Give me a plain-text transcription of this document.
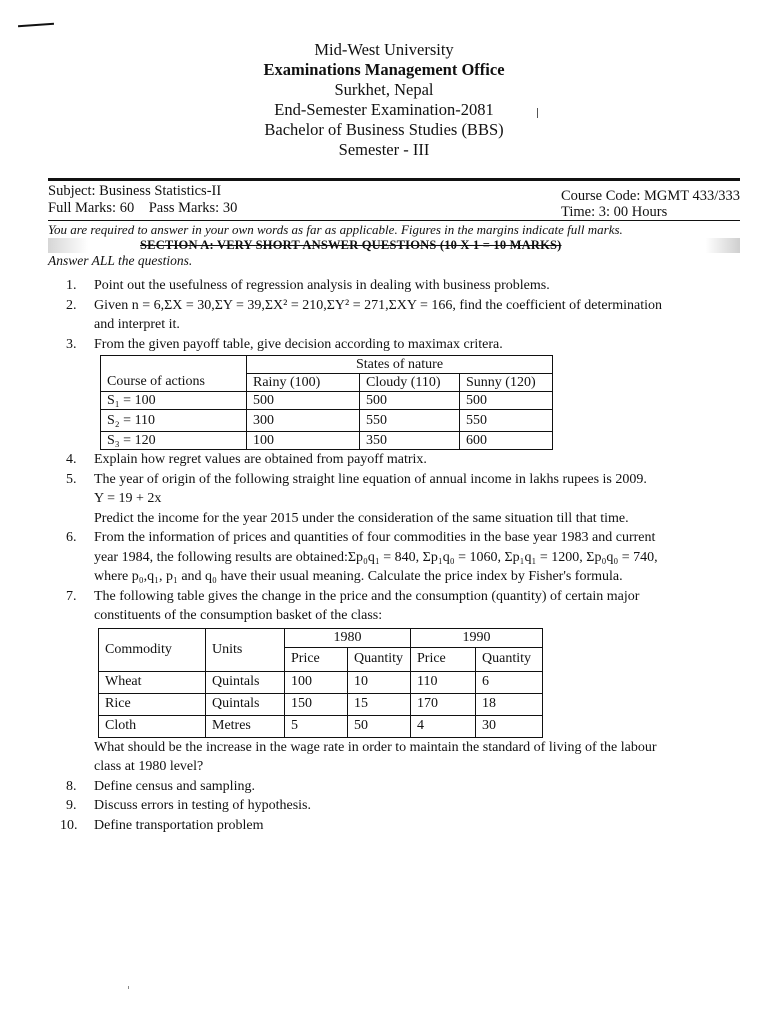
Mid-West University
Examinations Management Office
Surkhet, Nepal
End-Semester Examination-2081
Bachelor of Business Studies (BBS)
Semester - III
Subject: Business Statistics-II
Full Marks: 60 Pass Marks: 30
Course Code: MGMT 433/333
Time: 3: 00 Hours
You are required to answer in your own words as far as applicable. Figures in the margins indicate full marks.
SECTION A: VERY SHORT ANSWER QUESTIONS (10 X 1 = 10 MARKS)
Answer ALL the questions.
1.	Point out the usefulness of regression analysis in dealing with business problems.
2.	Given n = 6,ΣX = 30,ΣY = 39,ΣX² = 210,ΣY² = 271,ΣXY = 166, find the coefficient of determination
and interpret it.
3.	From the given payoff table, give decision according to maximax critera.
	States of nature		
Course of actions	Rainy (100)	Cloudy (110)	Sunny (120)
S₁ = 100	500	500	500
S₂ = 110	300	550	550
S₃ = 120	100	350	600
4.	Explain how regret values are obtained from payoff matrix.
5.	The year of origin of the following straight line equation of annual income in lakhs rupees is 2009.
Y = 19 + 2x
Predict the income for the year 2015 under the consideration of the same situation till that time.
6.	From the information of prices and quantities of four commodities in the base year 1983 and current
year 1984, the following results are obtained:Σp₀q₁ = 840, Σp₁q₀ = 1060, Σp₁q₁ = 1200, Σp₀q₀ = 740,
where p₀,q₁, p₁ and q₀ have their usual meaning. Calculate the price index by Fisher's formula.
7.	The following table gives the change in the price and the consumption (quantity) of certain major
constituents of the consumption basket of the class:
Commodity	Units	1980		1990	
		Price	Quantity	Price	Quantity
Wheat	Quintals	100	10	110	6
Rice	Quintals	150	15	170	18
Cloth	Metres	5	50	4	30
What should be the increase in the wage rate in order to maintain the standard of living of the labour
class at 1980 level?
8.	Define census and sampling.
9.	Discuss errors in testing of hypothesis.
10.	Define transportation problem
